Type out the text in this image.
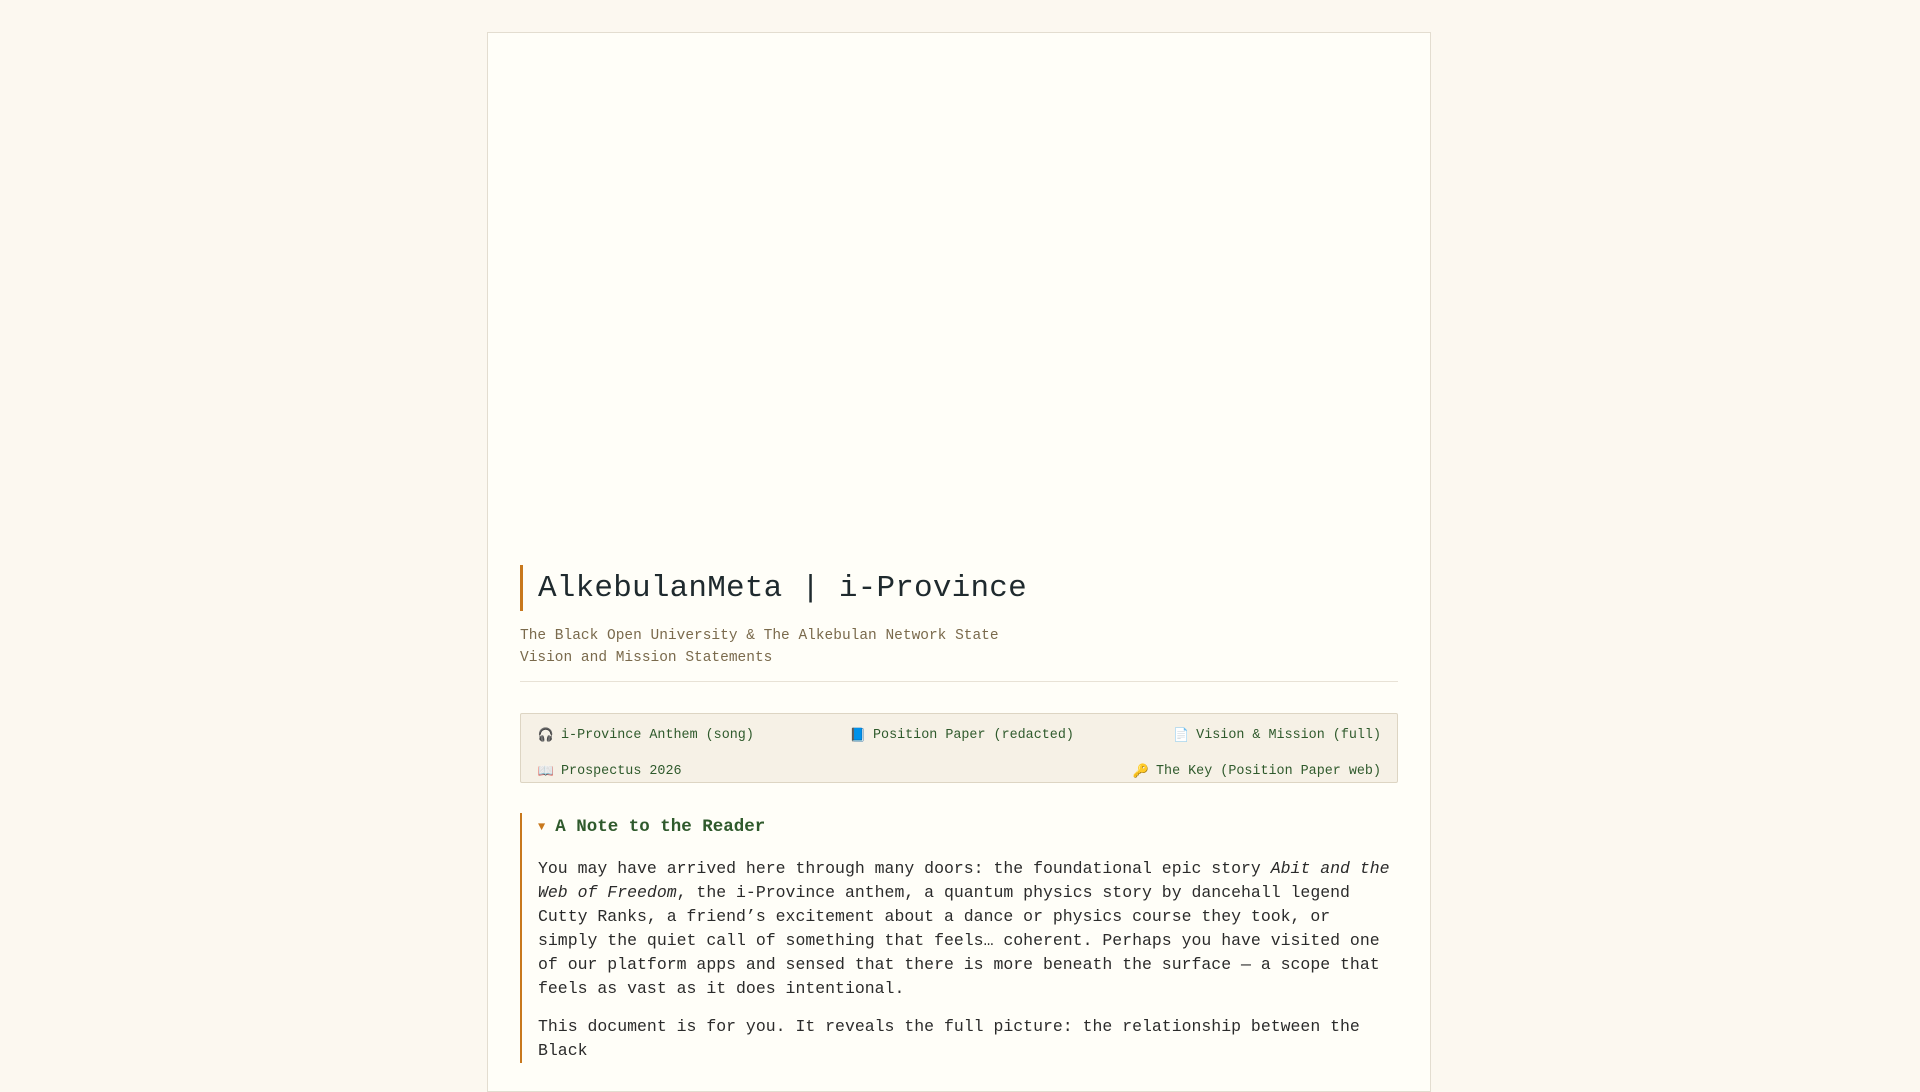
AlkebulanMeta | i-Province
The Black Open University & The Alkebulan Network State
Vision and Mission Statements
🎧 i-Province Anthem (song)	📘 Position Paper (redacted)	📄 Vision & Mission (full)
📖 Prospectus 2026	🔑 The Key (Position Paper web)
▼ A Note to the Reader

You may have arrived here through many doors: the foundational epic story Abit and the Web of Freedom, the i-Province anthem, a quantum physics story by dancehall legend Cutty Ranks, a friend’s excitement about a dance or physics course they took, or simply the quiet call of something that feels… coherent. Perhaps you have visited one of our platform apps and sensed that there is more beneath the surface — a scope that feels as vast as it does intentional.

This document is for you. It reveals the full picture: the relationship between the Black
